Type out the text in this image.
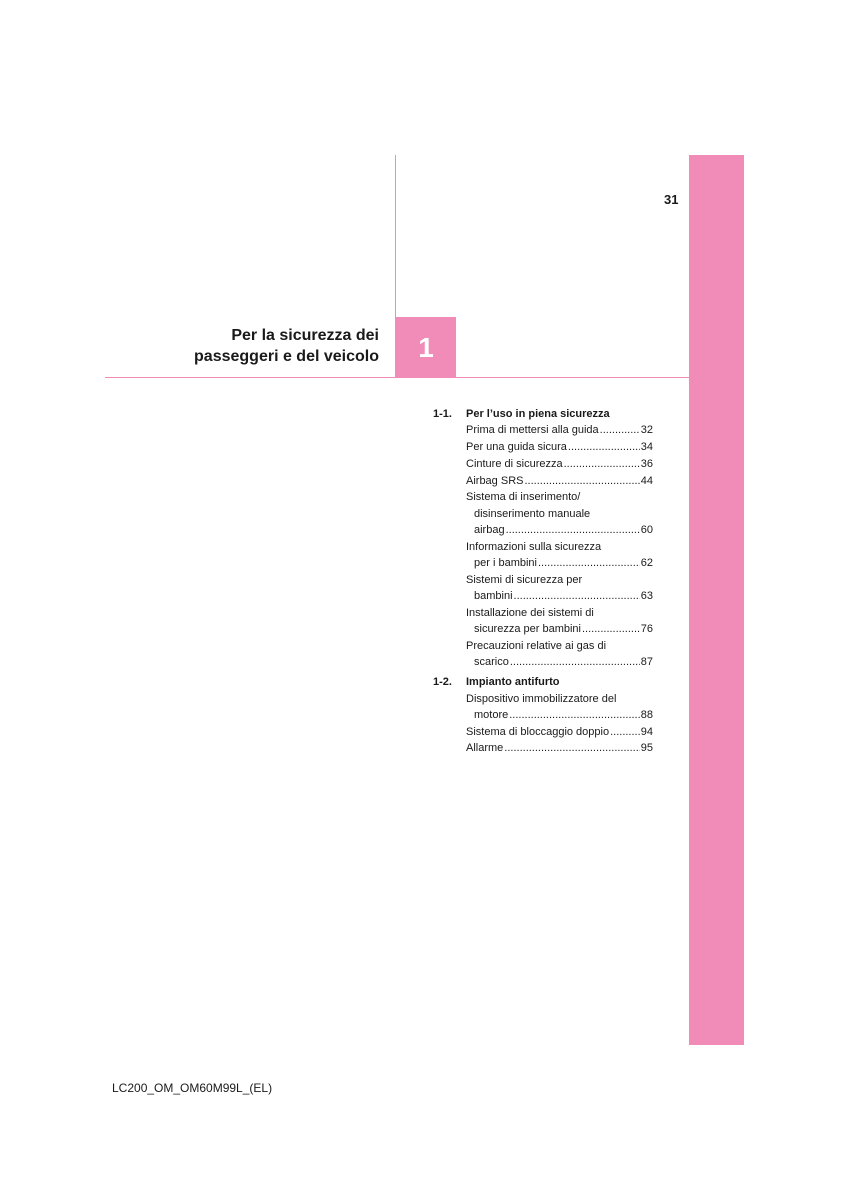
31
Per la sicurezza dei
passeggeri e del veicolo 1
1-1.	Per l’uso in piena sicurezza
Prima di mettersi alla guida .....	32
Per una guida sicura .....	34
Cinture di sicurezza .....	36
Airbag SRS .....	44
Sistema di inserimento/
disinserimento manuale
airbag .....	60
Informazioni sulla sicurezza
per i bambini .....	62
Sistemi di sicurezza per
bambini .....	63
Installazione dei sistemi di
sicurezza per bambini .....	76
Precauzioni relative ai gas di
scarico .....	87
1-2.	Impianto antifurto
Dispositivo immobilizzatore del
motore .....	88
Sistema di bloccaggio doppio .....	94
Allarme .....	95
LC200_OM_OM60M99L_(EL)
